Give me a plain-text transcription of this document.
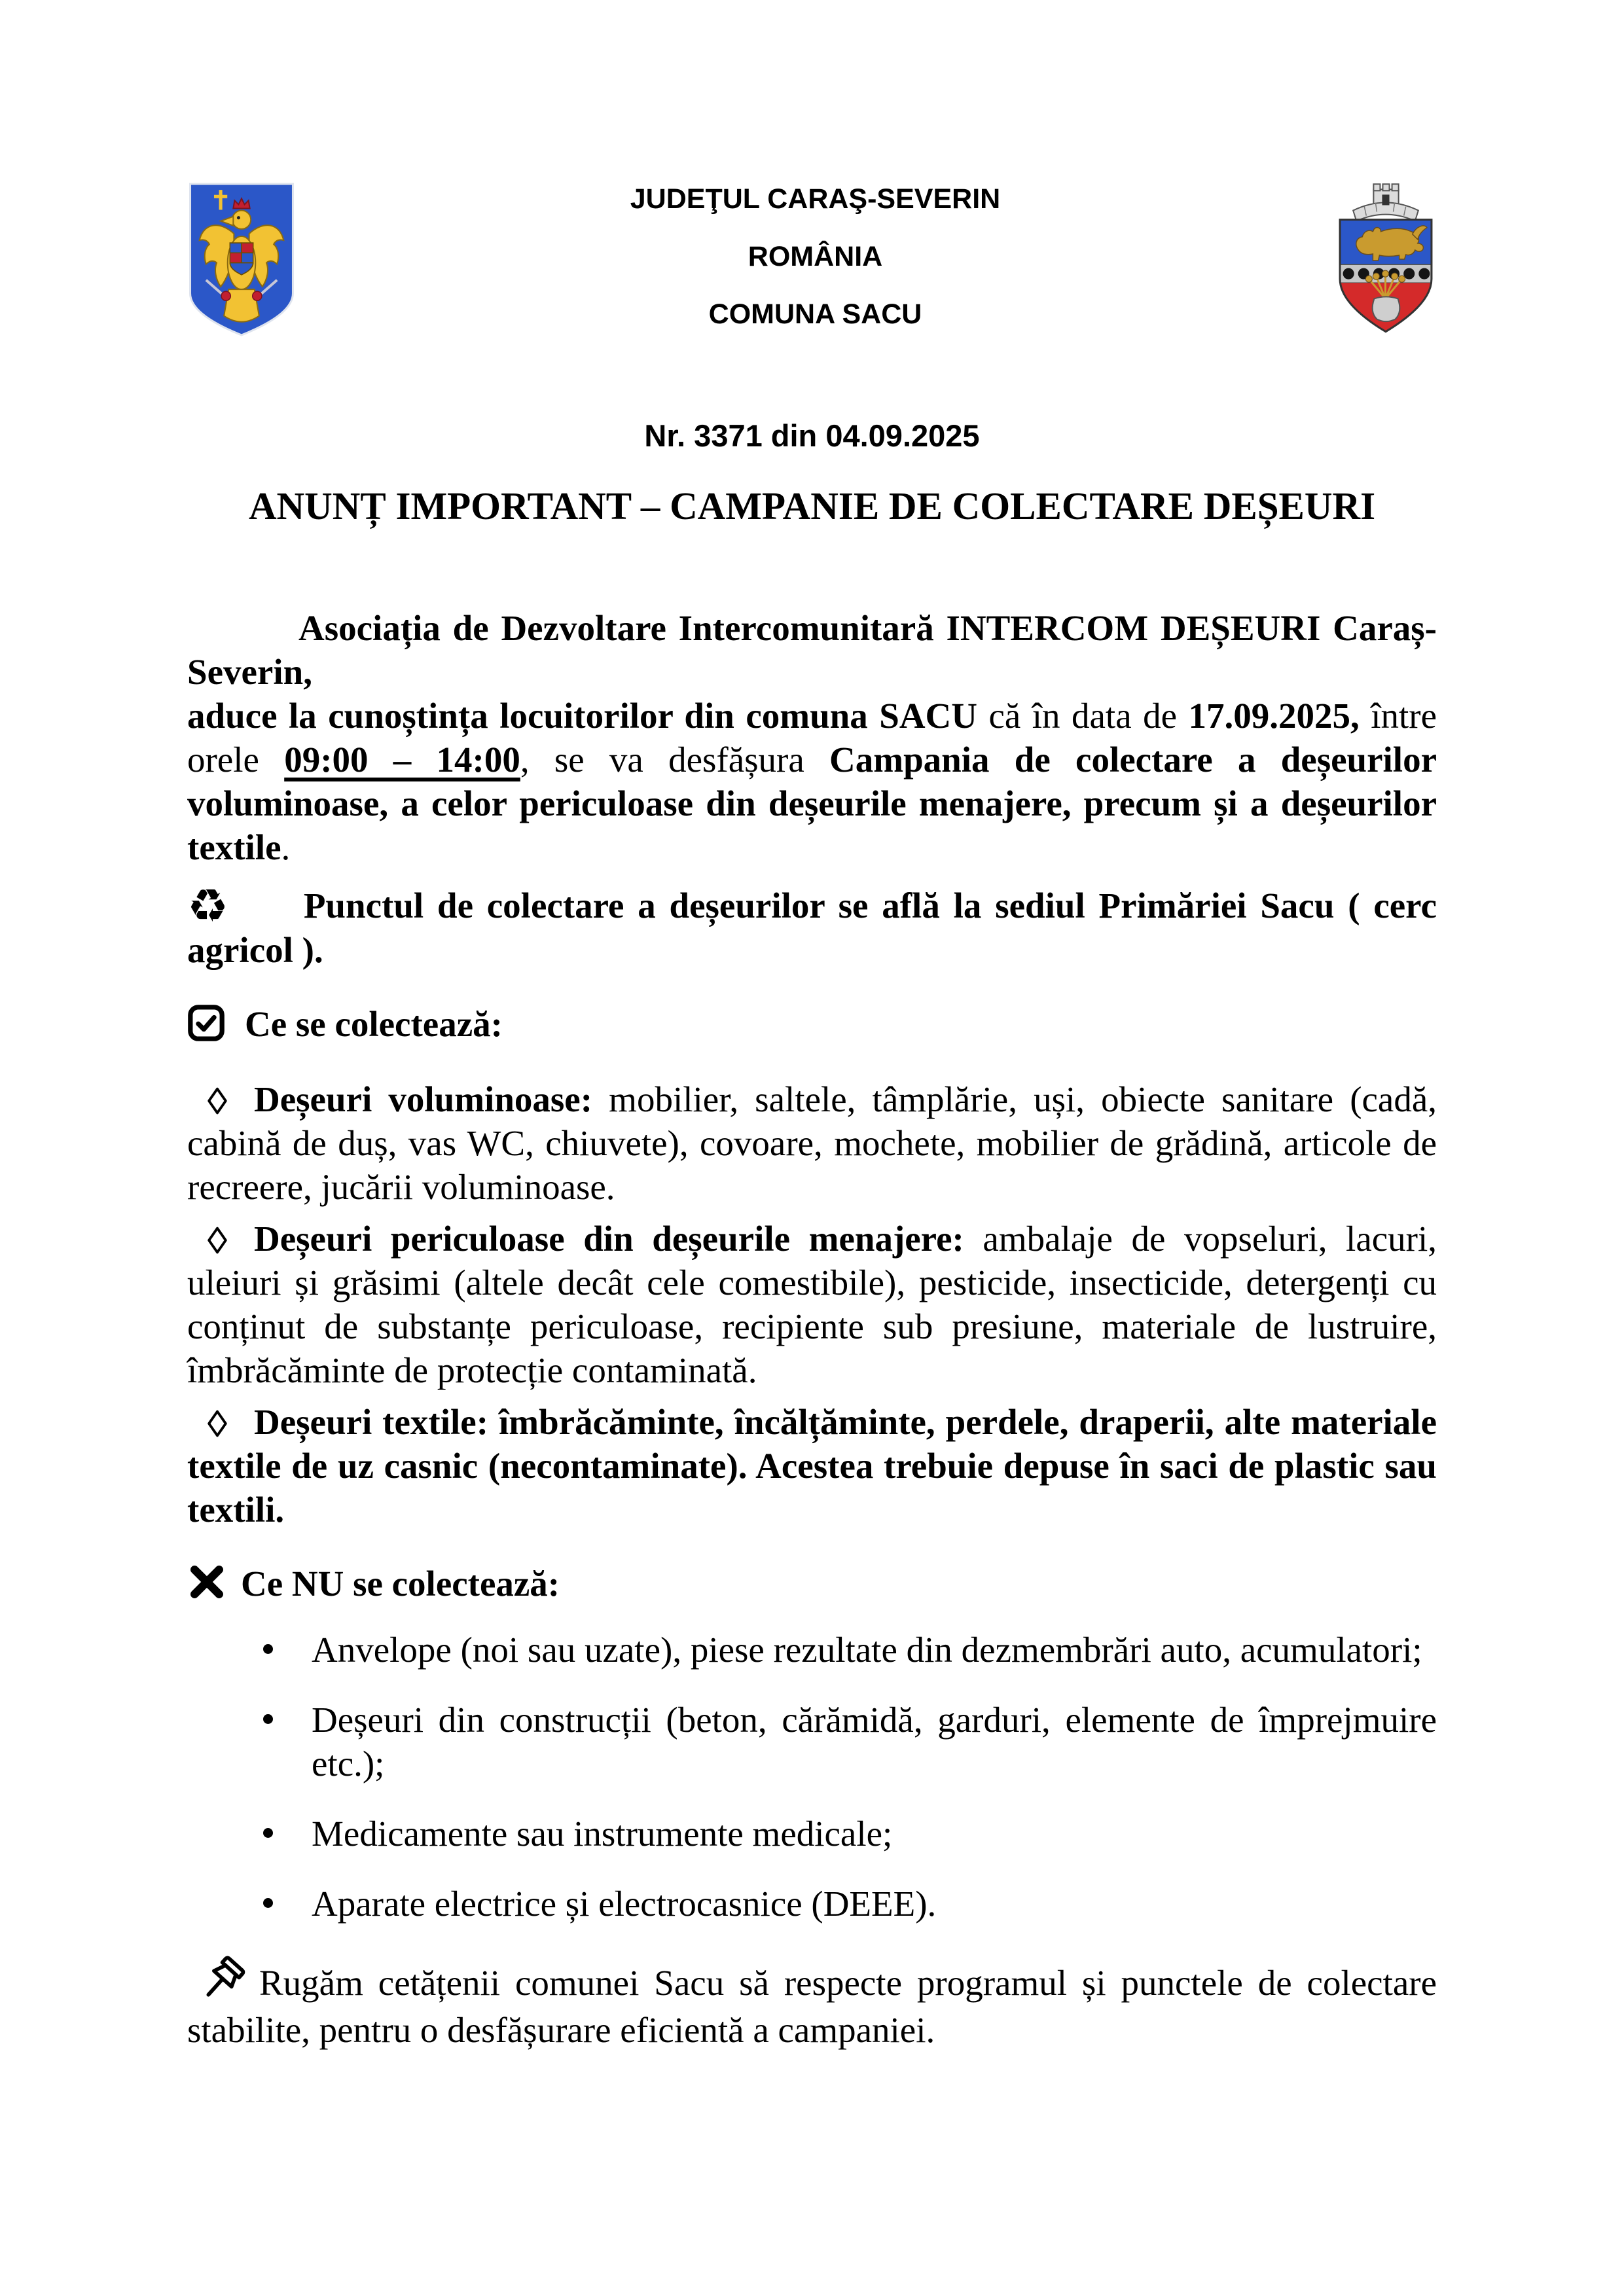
JUDEŢUL CARAŞ-SEVERIN
ROMÂNIA
COMUNA SACU
Nr. 3371 din 04.09.2025
ANUNȚ IMPORTANT – CAMPANIE DE COLECTARE DEȘEURI

Asociația de Dezvoltare Intercomunitară INTERCOM DEȘEURI Caraș-Severin,
aduce la cunoștința locuitorilor din comuna SACU că în data de 17.09.2025, între orele 09:00 – 14:00, se va desfășura Campania de colectare a deșeurilor voluminoase, a celor periculoase din deșeurile menajere, precum și a deșeurilor textile.

♻ Punctul de colectare a deșeurilor se află la sediul Primăriei Sacu ( cerc agricol ).

Ce se colectează:

Deșeuri voluminoase: mobilier, saltele, tâmplărie, uși, obiecte sanitare (cadă, cabină de duș, vas WC, chiuvete), covoare, mochete, mobilier de grădină, articole de recreere, jucării voluminoase.

Deșeuri periculoase din deșeurile menajere: ambalaje de vopseluri, lacuri, uleiuri și grăsimi (altele decât cele comestibile), pesticide, insecticide, detergenți cu conținut de substanțe periculoase, recipiente sub presiune, materiale de lustruire, îmbrăcăminte de protecție contaminată.

Deșeuri textile: îmbrăcăminte, încălțăminte, perdele, draperii, alte materiale textile de uz casnic (necontaminate). Acestea trebuie depuse în saci de plastic sau textili.

Ce NU se colectează:

Anvelope (noi sau uzate), piese rezultate din dezmembrări auto, acumulatori;
Deșeuri din construcții (beton, cărămidă, garduri, elemente de împrejmuire etc.);
Medicamente sau instrumente medicale;
Aparate electrice și electrocasnice (DEEE).

Rugăm cetățenii comunei Sacu să respecte programul și punctele de colectare stabilite, pentru o desfășurare eficientă a campaniei.
